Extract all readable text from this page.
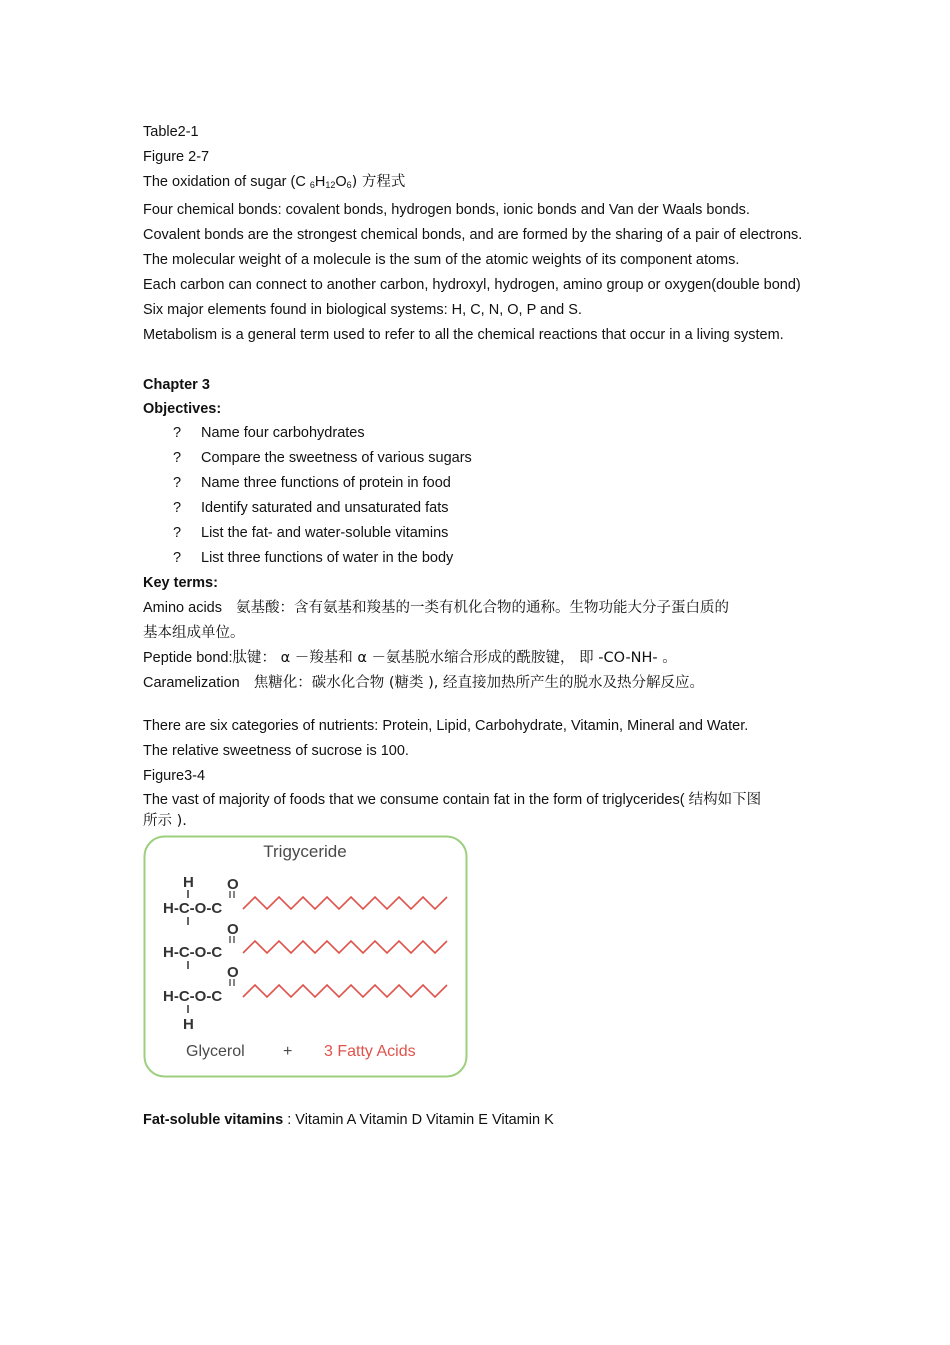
Table2-1

Figure 2-7

The oxidation of sugar (C $_6H_{12}O_6$) 方程式

Four chemical bonds: covalent bonds, hydrogen bonds, ionic bonds and Van der Waals bonds.

Covalent bonds are the strongest chemical bonds, and are formed by the sharing of a pair of electrons.

The molecular weight of a molecule is the sum of the atomic weights of its component atoms.

Each carbon can connect to another carbon, hydroxyl, hydrogen, amino group or oxygen(double bond)

Six major elements found in biological systems: H, C, N, O, P and S.

Metabolism is a general term used to refer to all the chemical reactions that occur in a living system.

Chapter 3

Objectives:

? Name four carbohydrates
? Compare the sweetness of various sugars
? Name three functions of protein in food
? Identify saturated and unsaturated fats
? List the fat- and water-soluble vitamins
? List three functions of water in the body

Key terms:

Amino acids 氨基酸：含有氨基和羧基的一类有机化合物的通称。生物功能大分子蛋白质的

基本组成单位。

Peptide bond:肽键： α －羧基和 α －氨基脱水缩合形成的酰胺键， 即 -CO-NH- 。

Caramelization 焦糖化：碳水化合物 (糖类 ), 经直接加热所产生的脱水及热分解反应。

There are six categories of nutrients: Protein, Lipid, Carbohydrate, Vitamin, Mineral and Water.

The relative sweetness of sucrose is 100.

Figure3-4

The vast of majority of foods that we consume contain fat in the form of triglycerides( 结构如下图

所示 ).

Trigyceride
H O
H-C-O-C
O
H-C-O-C
O
H-C-O-C
H
Glycerol + 3 Fatty Acids

Fat-soluble vitamins : Vitamin A Vitamin D Vitamin E Vitamin K
